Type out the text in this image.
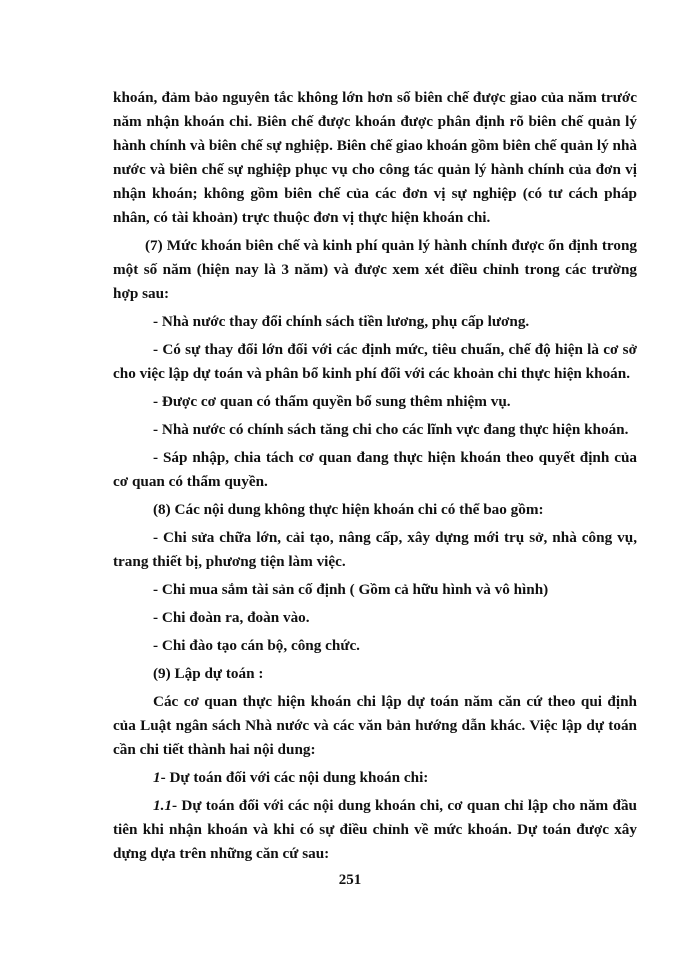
khoán, đảm bảo nguyên tắc không lớn hơn số biên chế được giao của năm trước năm nhận khoán chi. Biên chế được khoán được phân định rõ biên chế quản lý hành chính và biên chế sự nghiệp. Biên chế giao khoán gồm biên chế quản lý nhà nước và biên chế sự nghiệp phục vụ cho công tác quản lý hành chính của đơn vị nhận khoán; không gồm biên chế của các đơn vị sự nghiệp (có tư cách pháp nhân, có tài khoản) trực thuộc đơn vị thực hiện khoán chi.

(7) Mức khoán biên chế và kinh phí quản lý hành chính được ổn định trong một số năm (hiện nay là 3 năm) và được xem xét điều chỉnh trong các trường hợp sau:

- Nhà nước thay đổi chính sách tiền lương, phụ cấp lương.

- Có sự thay đổi lớn đối với các định mức, tiêu chuẩn, chế độ hiện là cơ sở cho việc lập dự toán và phân bổ kinh phí đối với các khoản chi thực hiện khoán.

- Được cơ quan có thẩm quyền bổ sung thêm nhiệm vụ.

- Nhà nước có chính sách tăng chi cho các lĩnh vực đang thực hiện khoán.

- Sáp nhập, chia tách cơ quan đang thực hiện khoán theo quyết định của cơ quan có thẩm quyền.

(8) Các nội dung không thực hiện khoán chi có thể bao gồm:

- Chi sửa chữa lớn, cải tạo, nâng cấp, xây dựng mới trụ sở, nhà công vụ, trang thiết bị, phương tiện làm việc.

- Chi mua sắm tài sản cố định ( Gồm cả hữu hình và vô hình)

- Chi đoàn ra, đoàn vào.

- Chi đào tạo cán bộ, công chức.

(9) Lập dự toán :

Các cơ quan thực hiện khoán chi lập dự toán năm căn cứ theo qui định của Luật ngân sách Nhà nước và các văn bản hướng dẫn khác. Việc lập dự toán cần chi tiết thành hai nội dung:

1- Dự toán đối với các nội dung khoán chi:

1.1- Dự toán đối với các nội dung khoán chi, cơ quan chỉ lập cho năm đầu tiên khi nhận khoán và khi có sự điều chỉnh về mức khoán. Dự toán được xây dựng dựa trên những căn cứ sau:

251
